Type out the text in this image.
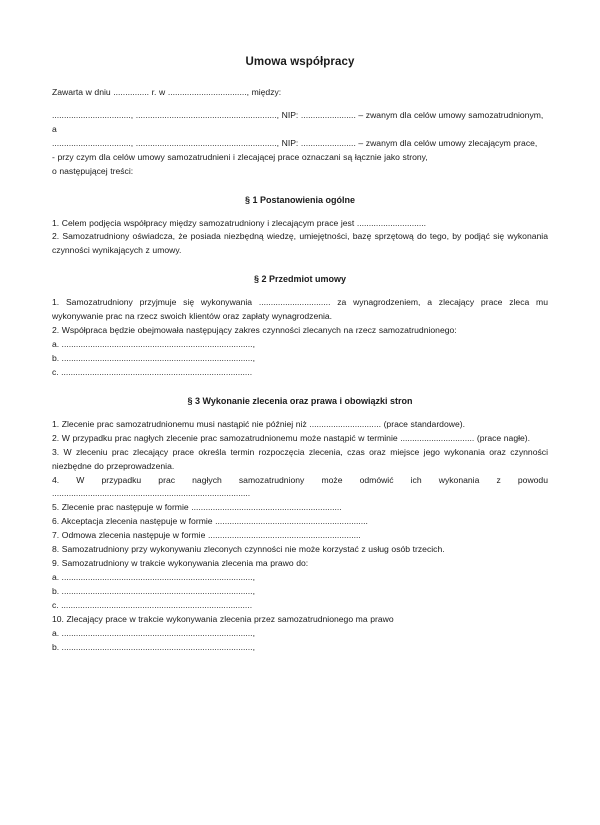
Umowa współpracy

Zawarta w dniu ............... r. w ................................., między:

................................., ..........................................................., NIP: ....................... – zwanym dla celów umowy samozatrudnionym,

a

................................., ..........................................................., NIP: ....................... – zwanym dla celów umowy zlecającym prace,

- przy czym dla celów umowy samozatrudnieni i zlecającej prace oznaczani są łącznie jako strony,

o następującej treści:

§ 1 Postanowienia ogólne

1. Celem podjęcia współpracy między samozatrudniony i zlecającym prace jest .............................

2. Samozatrudniony oświadcza, że posiada niezbędną wiedzę, umiejętności, bazę sprzętową do tego, by podjąć się wykonania czynności wynikających z umowy.

§ 2 Przedmiot umowy

1. Samozatrudniony przyjmuje się wykonywania .............................. za wynagrodzeniem, a zlecający prace zleca mu wykonywanie prac na rzecz swoich klientów oraz zapłaty wynagrodzenia.

2. Współpraca będzie obejmowała następujący zakres czynności zlecanych na rzecz samozatrudnionego:

a. ................................................................................,

b. ................................................................................,

c. ................................................................................

§ 3 Wykonanie zlecenia oraz prawa i obowiązki stron

1. Zlecenie prac samozatrudnionemu musi nastąpić nie później niż .............................. (prace standardowe).

2. W przypadku prac nagłych zlecenie prac samozatrudnionemu może nastąpić w terminie ............................... (prace nagłe).

3. W zleceniu prac zlecający prace określa termin rozpoczęcia zlecenia, czas oraz miejsce jego wykonania oraz czynności niezbędne do przeprowadzenia.

4. W przypadku prac nagłych samozatrudniony może odmówić ich wykonania z powodu ...................................................................................

5. Zlecenie prac następuje w formie ...............................................................

6. Akceptacja zlecenia następuje w formie ................................................................

7. Odmowa zlecenia następuje w formie ................................................................

8. Samozatrudniony przy wykonywaniu zleconych czynności nie może korzystać z usług osób trzecich.

9. Samozatrudniony w trakcie wykonywania zlecenia ma prawo do:

a. ................................................................................,

b. ................................................................................,

c. ................................................................................

10. Zlecający prace w trakcie wykonywania zlecenia przez samozatrudnionego ma prawo

a. ................................................................................,

b. ................................................................................,
